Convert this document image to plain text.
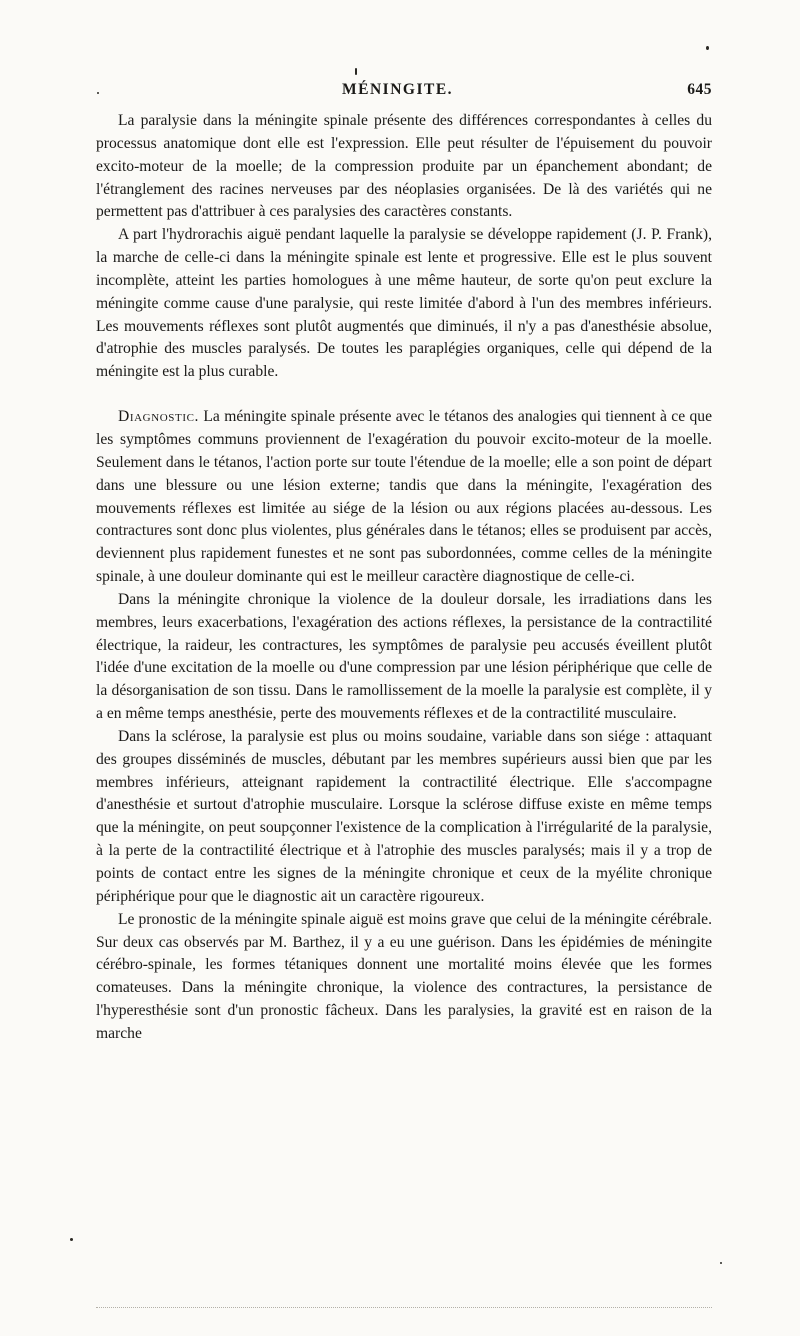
MÉNINGITE.	645

La paralysie dans la méningite spinale présente des différences correspondantes à celles du processus anatomique dont elle est l'expression. Elle peut résulter de l'épuisement du pouvoir excito-moteur de la moelle; de la compression produite par un épanchement abondant; de l'étranglement des racines nerveuses par des néoplasies organisées. De là des variétés qui ne permettent pas d'attribuer à ces paralysies des caractères constants.

A part l'hydrorachis aiguë pendant laquelle la paralysie se développe rapidement (J. P. Frank), la marche de celle-ci dans la méningite spinale est lente et progressive. Elle est le plus souvent incomplète, atteint les parties homologues à une même hauteur, de sorte qu'on peut exclure la méningite comme cause d'une paralysie, qui reste limitée d'abord à l'un des membres inférieurs. Les mouvements réflexes sont plutôt augmentés que diminués, il n'y a pas d'anesthésie absolue, d'atrophie des muscles paralysés. De toutes les paraplégies organiques, celle qui dépend de la méningite est la plus curable.

Diagnostic. La méningite spinale présente avec le tétanos des analogies qui tiennent à ce que les symptômes communs proviennent de l'exagération du pouvoir excito-moteur de la moelle. Seulement dans le tétanos, l'action porte sur toute l'étendue de la moelle; elle a son point de départ dans une blessure ou une lésion externe; tandis que dans la méningite, l'exagération des mouvements réflexes est limitée au siége de la lésion ou aux régions placées au-dessous. Les contractures sont donc plus violentes, plus générales dans le tétanos; elles se produisent par accès, deviennent plus rapidement funestes et ne sont pas subordonnées, comme celles de la méningite spinale, à une douleur dominante qui est le meilleur caractère diagnostique de celle-ci.

Dans la méningite chronique la violence de la douleur dorsale, les irradiations dans les membres, leurs exacerbations, l'exagération des actions réflexes, la persistance de la contractilité électrique, la raideur, les contractures, les symptômes de paralysie peu accusés éveillent plutôt l'idée d'une excitation de la moelle ou d'une compression par une lésion périphérique que celle de la désorganisation de son tissu. Dans le ramollissement de la moelle la paralysie est complète, il y a en même temps anesthésie, perte des mouvements réflexes et de la contractilité musculaire.

Dans la sclérose, la paralysie est plus ou moins soudaine, variable dans son siége : attaquant des groupes disséminés de muscles, débutant par les membres supérieurs aussi bien que par les membres inférieurs, atteignant rapidement la contractilité électrique. Elle s'accompagne d'anesthésie et surtout d'atrophie musculaire. Lorsque la sclérose diffuse existe en même temps que la méningite, on peut soupçonner l'existence de la complication à l'irrégularité de la paralysie, à la perte de la contractilité électrique et à l'atrophie des muscles paralysés; mais il y a trop de points de contact entre les signes de la méningite chronique et ceux de la myélite chronique périphérique pour que le diagnostic ait un caractère rigoureux.

Le pronostic de la méningite spinale aiguë est moins grave que celui de la méningite cérébrale. Sur deux cas observés par M. Barthez, il y a eu une guérison. Dans les épidémies de méningite cérébro-spinale, les formes tétaniques donnent une mortalité moins élevée que les formes comateuses. Dans la méningite chronique, la violence des contractures, la persistance de l'hyperesthésie sont d'un pronostic fâcheux. Dans les paralysies, la gravité est en raison de la marche
